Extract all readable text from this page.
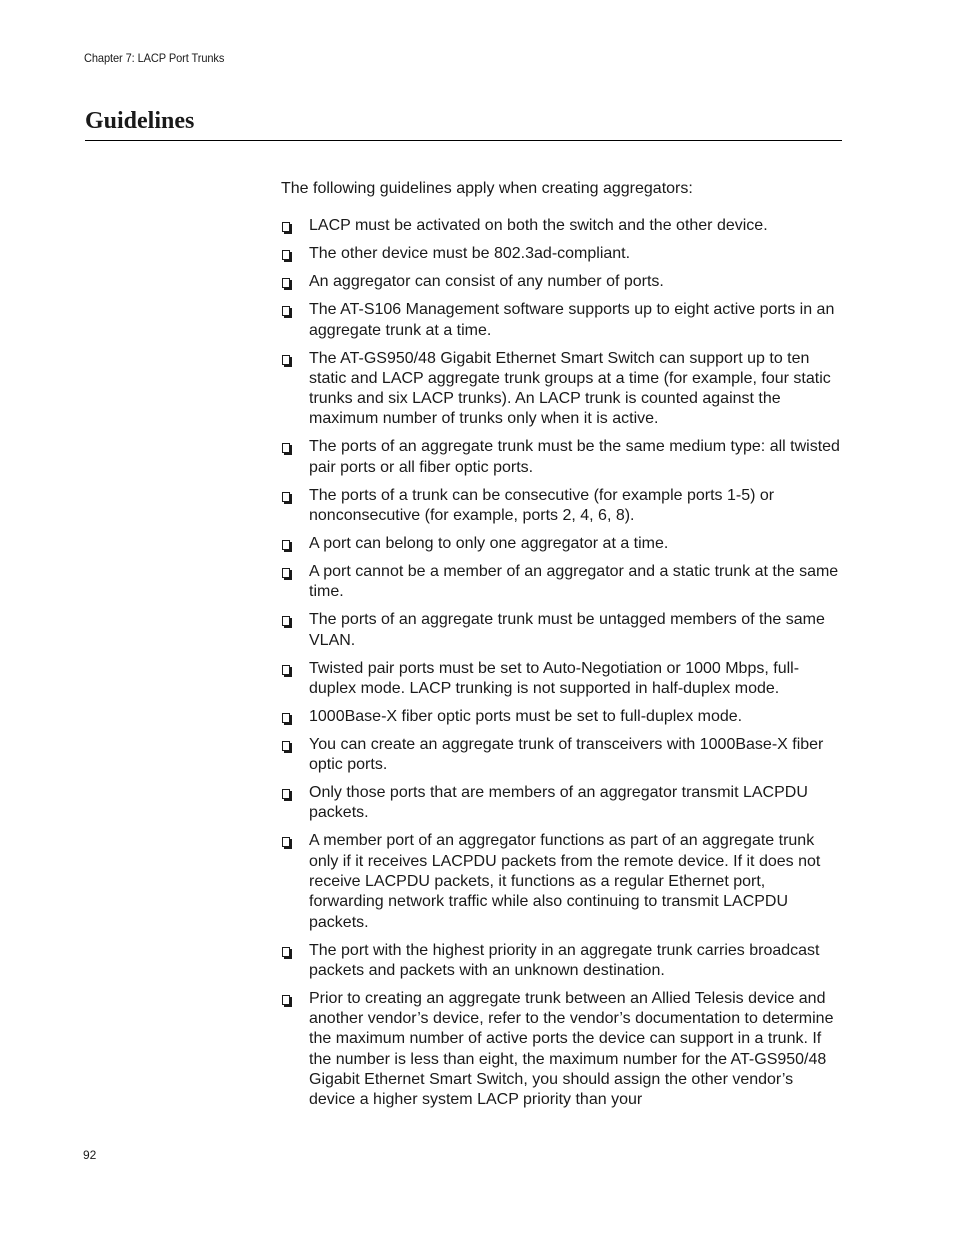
Chapter 7: LACP Port Trunks
Guidelines

The following guidelines apply when creating aggregators:

LACP must be activated on both the switch and the other device.
The other device must be 802.3ad-compliant.
An aggregator can consist of any number of ports.
The AT-S106 Management software supports up to eight active ports in an aggregate trunk at a time.
The AT-GS950/48 Gigabit Ethernet Smart Switch can support up to ten static and LACP aggregate trunk groups at a time (for example, four static trunks and six LACP trunks). An LACP trunk is counted against the maximum number of trunks only when it is active.
The ports of an aggregate trunk must be the same medium type: all twisted pair ports or all fiber optic ports.
The ports of a trunk can be consecutive (for example ports 1-5) or nonconsecutive (for example, ports 2, 4, 6, 8).
A port can belong to only one aggregator at a time.
A port cannot be a member of an aggregator and a static trunk at the same time.
The ports of an aggregate trunk must be untagged members of the same VLAN.
Twisted pair ports must be set to Auto-Negotiation or 1000 Mbps, full-duplex mode. LACP trunking is not supported in half-duplex mode.
1000Base-X fiber optic ports must be set to full-duplex mode.
You can create an aggregate trunk of transceivers with 1000Base-X fiber optic ports.
Only those ports that are members of an aggregator transmit LACPDU packets.
A member port of an aggregator functions as part of an aggregate trunk only if it receives LACPDU packets from the remote device. If it does not receive LACPDU packets, it functions as a regular Ethernet port, forwarding network traffic while also continuing to transmit LACPDU packets.
The port with the highest priority in an aggregate trunk carries broadcast packets and packets with an unknown destination.
Prior to creating an aggregate trunk between an Allied Telesis device and another vendor’s device, refer to the vendor’s documentation to determine the maximum number of active ports the device can support in a trunk. If the number is less than eight, the maximum number for the AT-GS950/48 Gigabit Ethernet Smart Switch, you should assign the other vendor’s device a higher system LACP priority than your
92
